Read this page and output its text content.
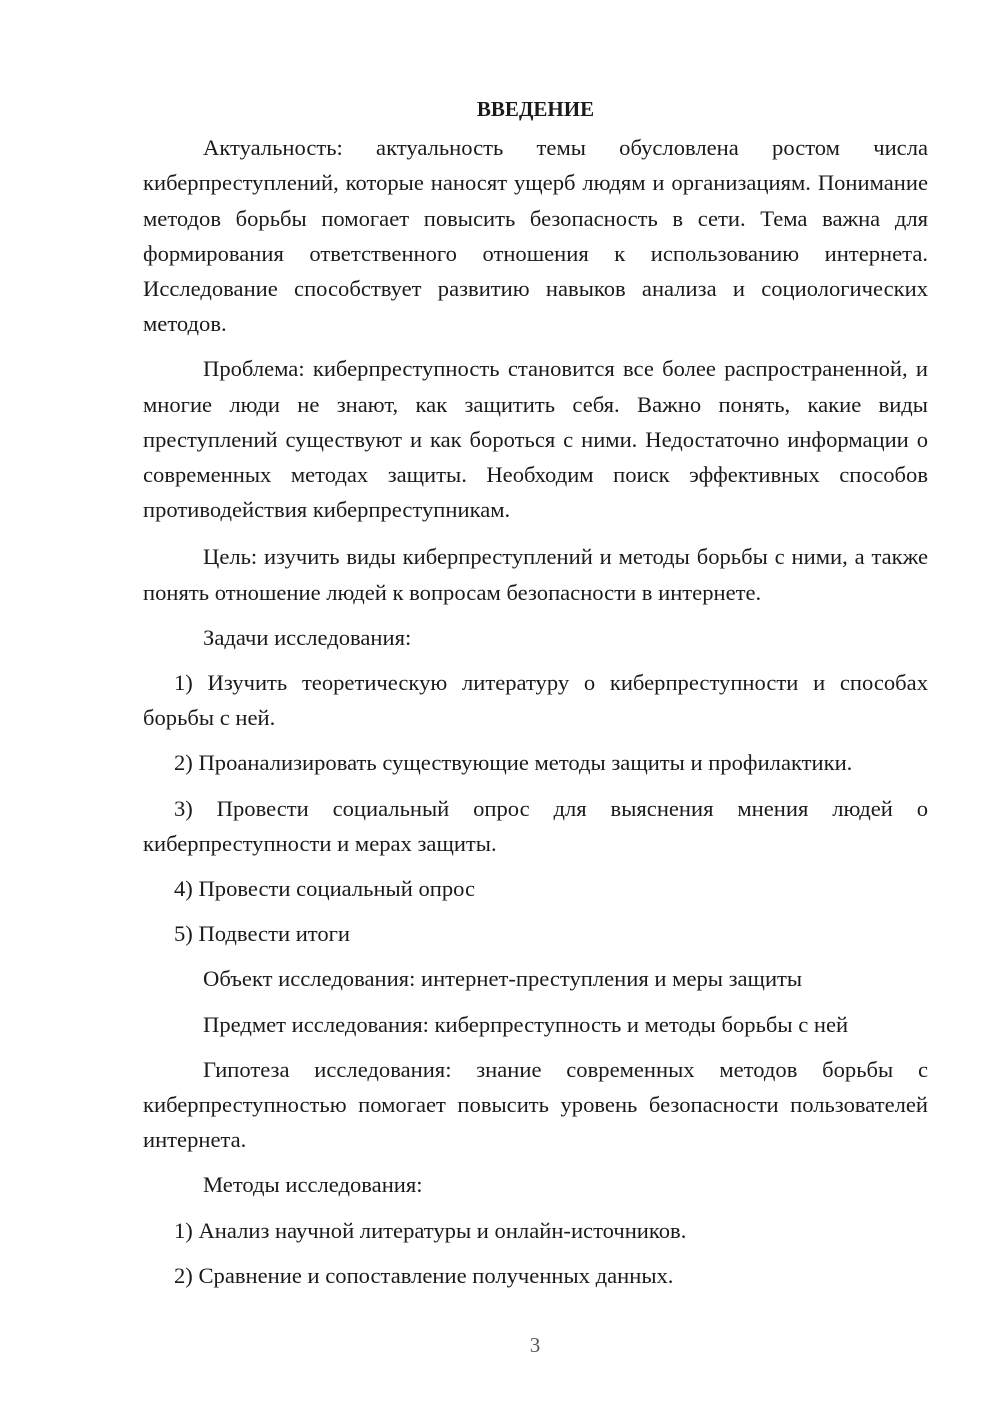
ВВЕДЕНИЕ

Актуальность: актуальность темы обусловлена ростом числа киберпреступлений, которые наносят ущерб людям и организациям. Понимание методов борьбы помогает повысить безопасность в сети. Тема важна для формирования ответственного отношения к использованию интернета. Исследование способствует развитию навыков анализа и социологических методов.

Проблема: киберпреступность становится все более распространенной, и многие люди не знают, как защитить себя. Важно понять, какие виды преступлений существуют и как бороться с ними. Недостаточно информации о современных методах защиты. Необходим поиск эффективных способов противодействия киберпреступникам.

Цель: изучить виды киберпреступлений и методы борьбы с ними, а также понять отношение людей к вопросам безопасности в интернете.

Задачи исследования:

1) Изучить теоретическую литературу о киберпреступности и способах борьбы с ней.

2) Проанализировать существующие методы защиты и профилактики.

3) Провести социальный опрос для выяснения мнения людей о киберпреступности и мерах защиты.

4) Провести социальный опрос

5) Подвести итоги

Объект исследования: интернет-преступления и меры защиты

Предмет исследования: киберпреступность и методы борьбы с ней

Гипотеза исследования: знание современных методов борьбы с киберпреступностью помогает повысить уровень безопасности пользователей интернета.

Методы исследования:

1) Анализ научной литературы и онлайн-источников.

2) Сравнение и сопоставление полученных данных.

3
